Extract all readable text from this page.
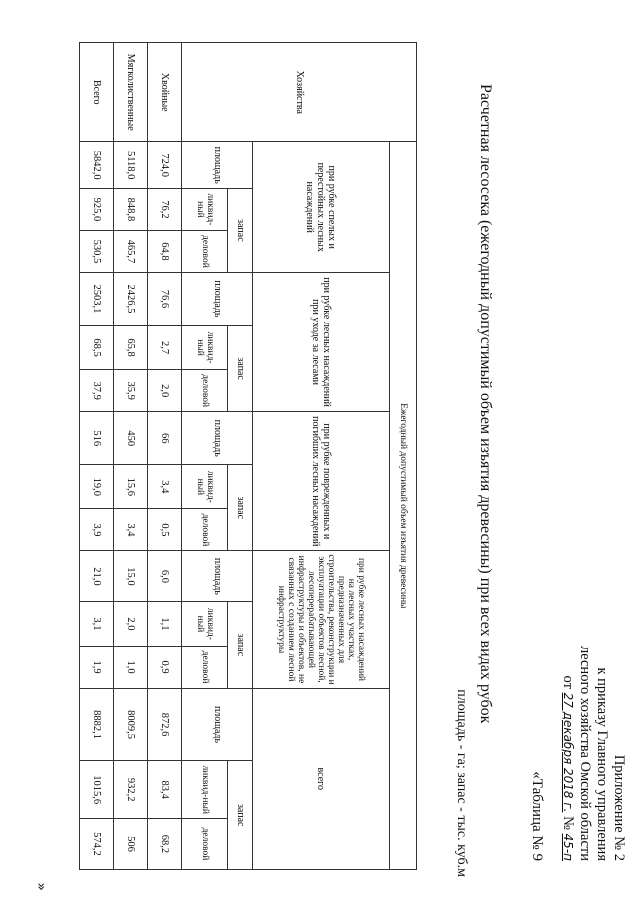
Приложение № 2
к приказу Главного управления
лесного хозяйства Омской области
от 27 декабря 2018 г. № 45-п
«Таблица № 9
Расчетная лесосека (ежегодный допустимый объем изъятия древесины) при всех видах рубок
площадь - га; запас - тыс. куб.м
Хозяйства	Ежегодный допустимый объем изъятия древесины														
	при рубке спелых и перестойных лесных насаждений			при рубке лесных насаждений при уходе за лесами			при рубке поврежденных и погибших лесных насаждений			при рубке лесных насаждений на лесных участках, предназначенных для строительства, реконструкции и эксплуатации объектов лесной, лесоперерабатывающей инфраструктуры и объектов, не связанных с созданием лесной инфраструктуры			всего		
	площадь	запас		площадь	запас		площадь	запас		площадь	запас		площадь	запас	
		ликвид-ный	деловой		ликвид-ный	деловой		ликвид-ный	деловой		ликвид-ный	деловой		ликвид-ный	деловой
Хвойные	724,0	76,2	64,8	76,6	2,7	2,0	66	3,4	0,5	6,0	1,1	0,9	872,6	83,4	68,2
Мягколиственные	5118,0	848,8	465,7	2426,5	65,8	35,9	450	15,6	3,4	15,0	2,0	1,0	8009,5	932,2	506
Всего	5842,0	925,0	530,5	2503,1	68,5	37,9	516	19,0	3,9	21,0	3,1	1,9	8882,1	1015,6	574,2
»
